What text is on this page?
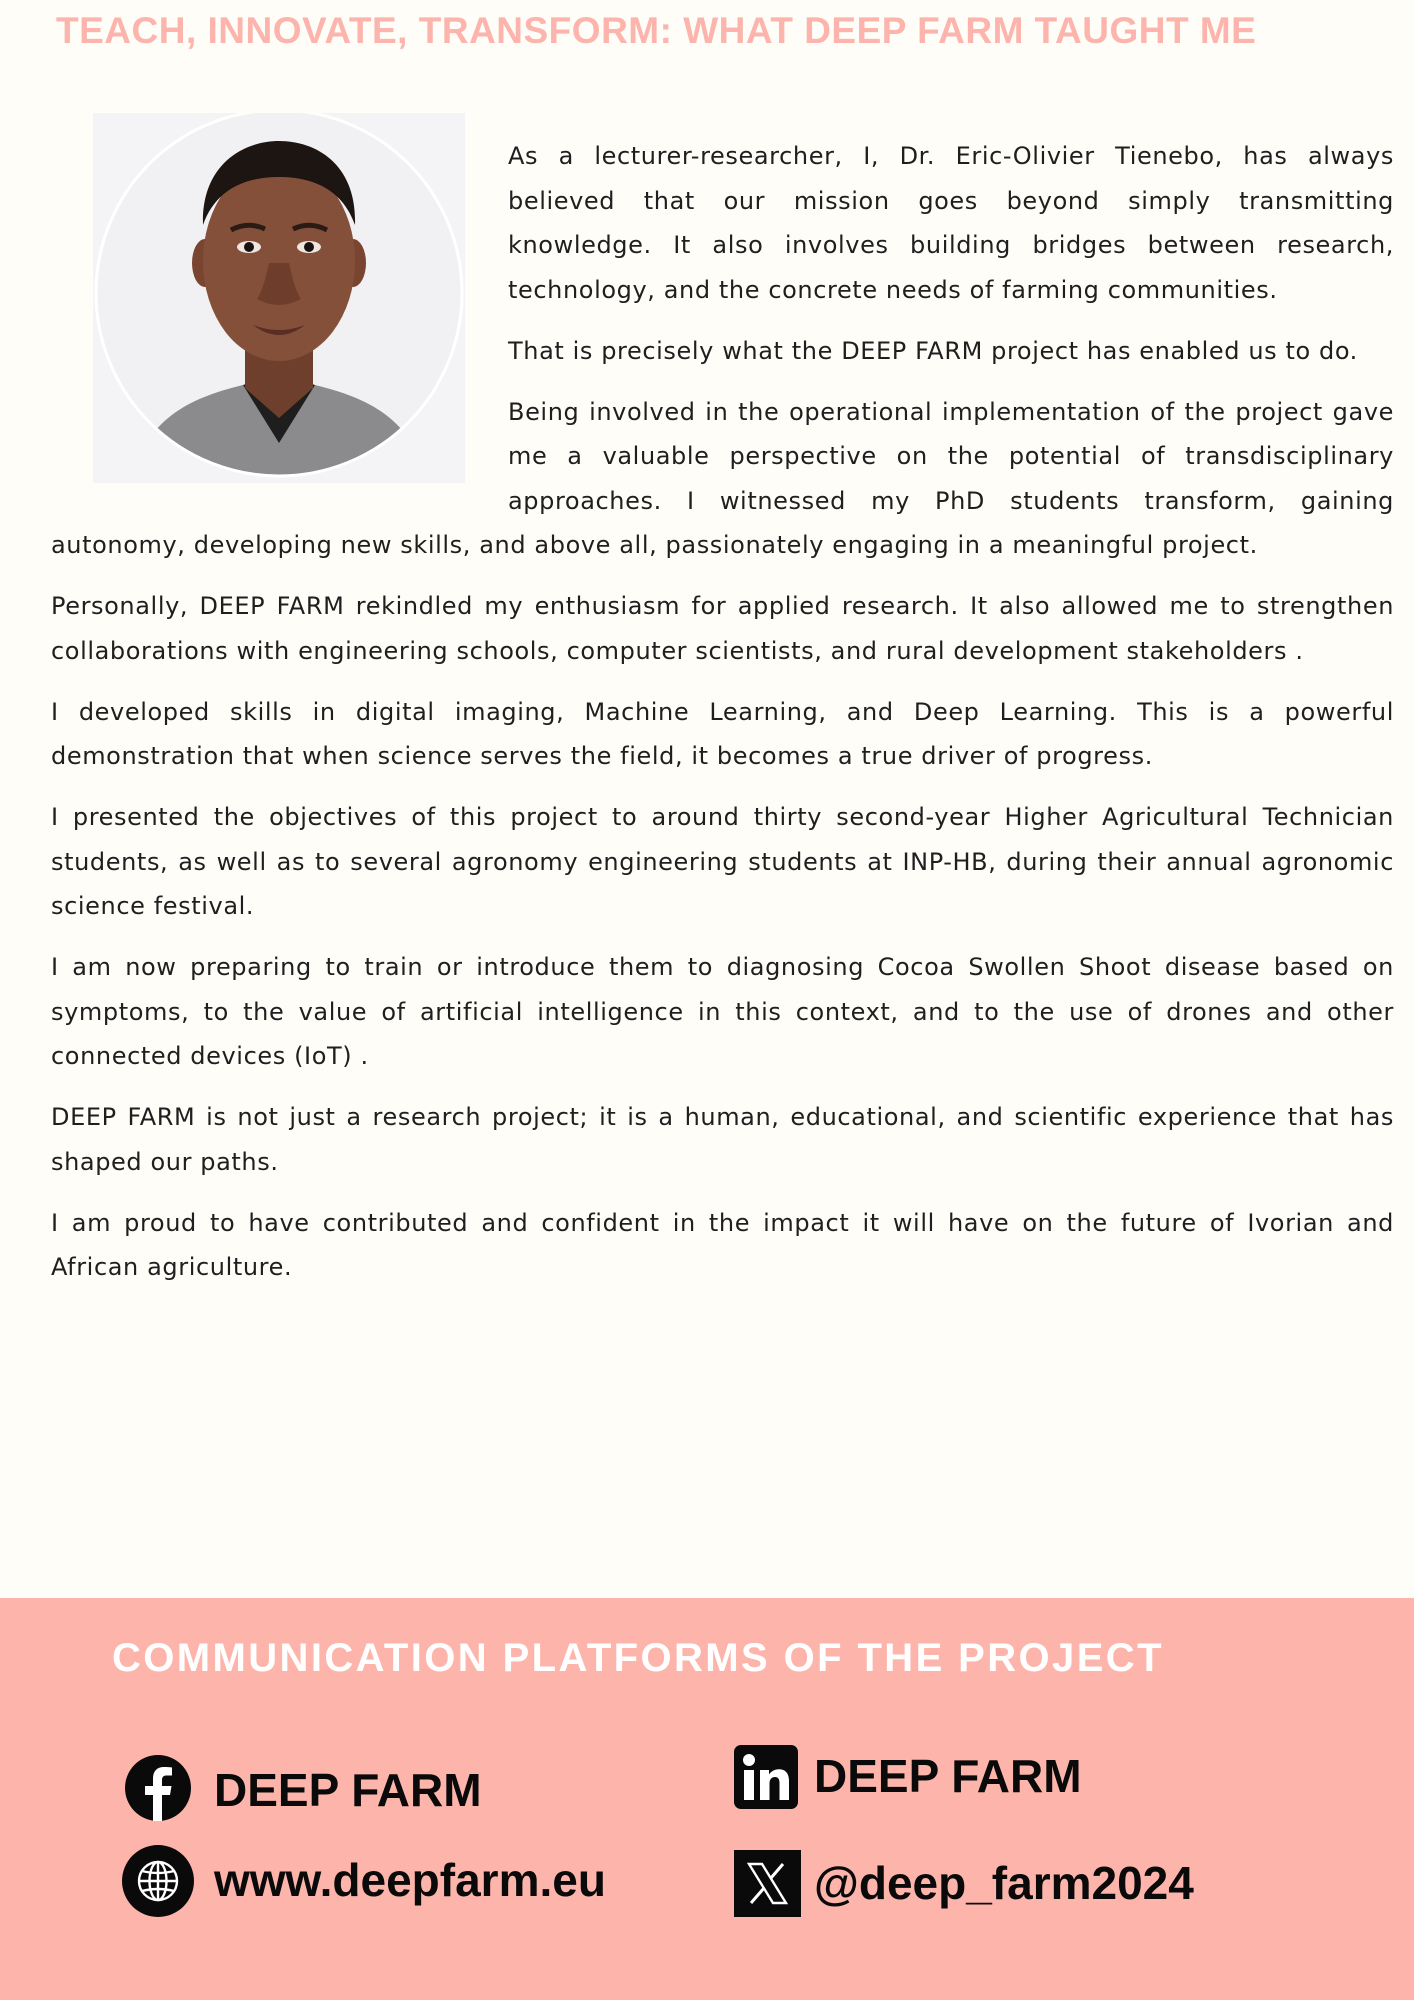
TEACH, INNOVATE, TRANSFORM: WHAT DEEP FARM TAUGHT ME

As a lecturer-researcher, I, Dr. Eric-Olivier Tienebo, has always believed that our mission goes beyond simply transmitting knowledge. It also involves building bridges between research, technology, and the concrete needs of farming communities.

That is precisely what the DEEP FARM project has enabled us to do.

Being involved in the operational implementation of the project gave me a valuable perspective on the potential of transdisciplinary approaches. I witnessed my PhD students transform, gaining autonomy, developing new skills, and above all, passionately engaging in a meaningful project.

Personally, DEEP FARM rekindled my enthusiasm for applied research. It also allowed me to strengthen collaborations with engineering schools, computer scientists, and rural development stakeholders .

I developed skills in digital imaging, Machine Learning, and Deep Learning. This is a powerful demonstration that when science serves the field, it becomes a true driver of progress.

I presented the objectives of this project to around thirty second-year Higher Agricultural Technician students, as well as to several agronomy engineering students at INP-HB, during their annual agronomic science festival.

I am now preparing to train or introduce them to diagnosing Cocoa Swollen Shoot disease based on symptoms, to the value of artificial intelligence in this context, and to the use of drones and other connected devices (IoT) .

DEEP FARM is not just a research project; it is a human, educational, and scientific experience that has shaped our paths.

I am proud to have contributed and confident in the impact it will have on the future of Ivorian and African agriculture.

COMMUNICATION PLATFORMS OF THE PROJECT
DEEP FARM	DEEP FARM
www.deepfarm.eu	@deep_farm2024
